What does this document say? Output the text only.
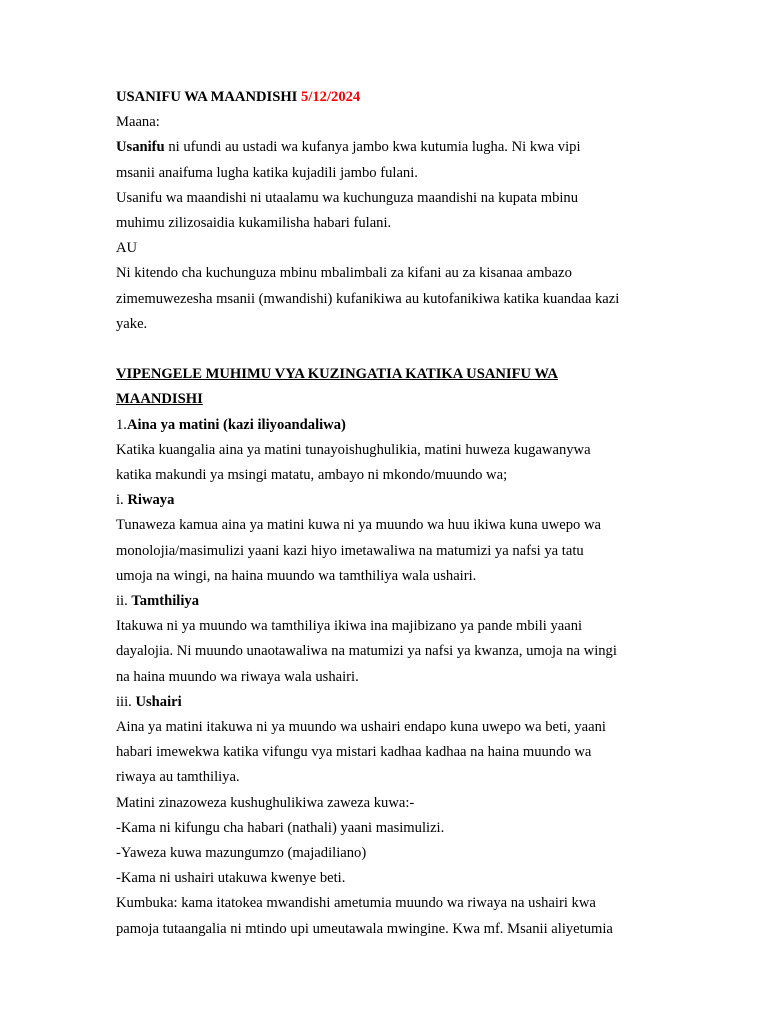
USANIFU WA MAANDISHI 5/12/2024
Maana:
Usanifu ni ufundi au ustadi wa kufanya jambo kwa kutumia lugha. Ni kwa vipi
msanii anaifuma lugha katika kujadili jambo fulani.
Usanifu wa maandishi ni utaalamu wa kuchunguza maandishi na kupata mbinu
muhimu zilizosaidia kukamilisha habari fulani.
AU
Ni kitendo cha kuchunguza mbinu mbalimbali za kifani au za kisanaa ambazo
zimemuwezesha msanii (mwandishi) kufanikiwa au kutofanikiwa katika kuandaa kazi
yake.
VIPENGELE MUHIMU VYA KUZINGATIA KATIKA USANIFU WA
MAANDISHI
1.Aina ya matini (kazi iliyoandaliwa)
Katika kuangalia aina ya matini tunayoishughulikia, matini huweza kugawanywa
katika makundi ya msingi matatu, ambayo ni mkondo/muundo wa;
i. Riwaya
Tunaweza kamua aina ya matini kuwa ni ya muundo wa huu ikiwa kuna uwepo wa
monolojia/masimulizi yaani kazi hiyo imetawaliwa na matumizi ya nafsi ya tatu
umoja na wingi, na haina muundo wa tamthiliya wala ushairi.
ii. Tamthiliya
Itakuwa ni ya muundo wa tamthiliya ikiwa ina majibizano ya pande mbili yaani
dayalojia. Ni muundo unaotawaliwa na matumizi ya nafsi ya kwanza, umoja na wingi
na haina muundo wa riwaya wala ushairi.
iii. Ushairi
Aina ya matini itakuwa ni ya muundo wa ushairi endapo kuna uwepo wa beti, yaani
habari imewekwa katika vifungu vya mistari kadhaa kadhaa na haina muundo wa
riwaya au tamthiliya.
Matini zinazoweza kushughulikiwa zaweza kuwa:-
-Kama ni kifungu cha habari (nathali) yaani masimulizi.
-Yaweza kuwa mazungumzo (majadiliano)
-Kama ni ushairi utakuwa kwenye beti.
Kumbuka: kama itatokea mwandishi ametumia muundo wa riwaya na ushairi kwa
pamoja tutaangalia ni mtindo upi umeutawala mwingine. Kwa mf. Msanii aliyetumia
